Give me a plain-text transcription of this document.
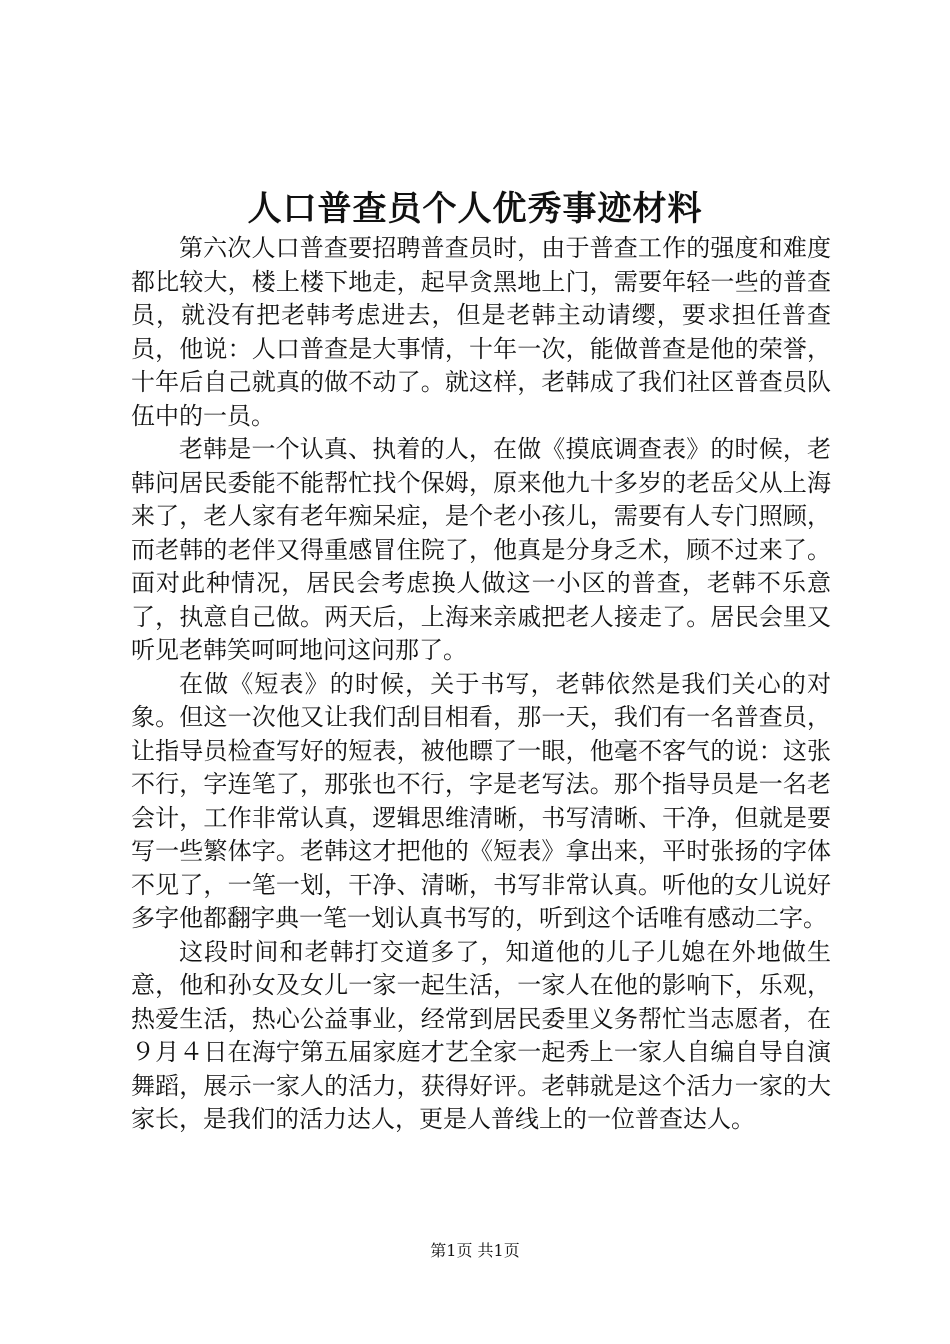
人口普查员个人优秀事迹材料

第六次人口普查要招聘普查员时，由于普查工作的强度和难度都比较大，楼上楼下地走，起早贪黑地上门，需要年轻一些的普查员，就没有把老韩考虑进去，但是老韩主动请缨，要求担任普查员，他说：人口普查是大事情，十年一次，能做普查是他的荣誉，十年后自己就真的做不动了。就这样，老韩成了我们社区普查员队伍中的一员。

老韩是一个认真、执着的人，在做《摸底调查表》的时候，老韩问居民委能不能帮忙找个保姆，原来他九十多岁的老岳父从上海来了，老人家有老年痴呆症，是个老小孩儿，需要有人专门照顾，而老韩的老伴又得重感冒住院了，他真是分身乏术，顾不过来了。面对此种情况，居民会考虑换人做这一小区的普查，老韩不乐意了，执意自己做。两天后，上海来亲戚把老人接走了。居民会里又听见老韩笑呵呵地问这问那了。

在做《短表》的时候，关于书写，老韩依然是我们关心的对象。但这一次他又让我们刮目相看，那一天，我们有一名普查员，让指导员检查写好的短表，被他瞟了一眼，他毫不客气的说：这张不行，字连笔了，那张也不行，字是老写法。那个指导员是一名老会计，工作非常认真，逻辑思维清晰，书写清晰、干净，但就是要写一些繁体字。老韩这才把他的《短表》拿出来，平时张扬的字体不见了，一笔一划，干净、清晰，书写非常认真。听他的女儿说好多字他都翻字典一笔一划认真书写的，听到这个话唯有感动二字。

这段时间和老韩打交道多了，知道他的儿子儿媳在外地做生意，他和孙女及女儿一家一起生活，一家人在他的影响下，乐观，热爱生活，热心公益事业，经常到居民委里义务帮忙当志愿者，在９月４日在海宁第五届家庭才艺全家一起秀上一家人自编自导自演舞蹈，展示一家人的活力，获得好评。老韩就是这个活力一家的大家长，是我们的活力达人，更是人普线上的一位普查达人。

第1页 共1页
